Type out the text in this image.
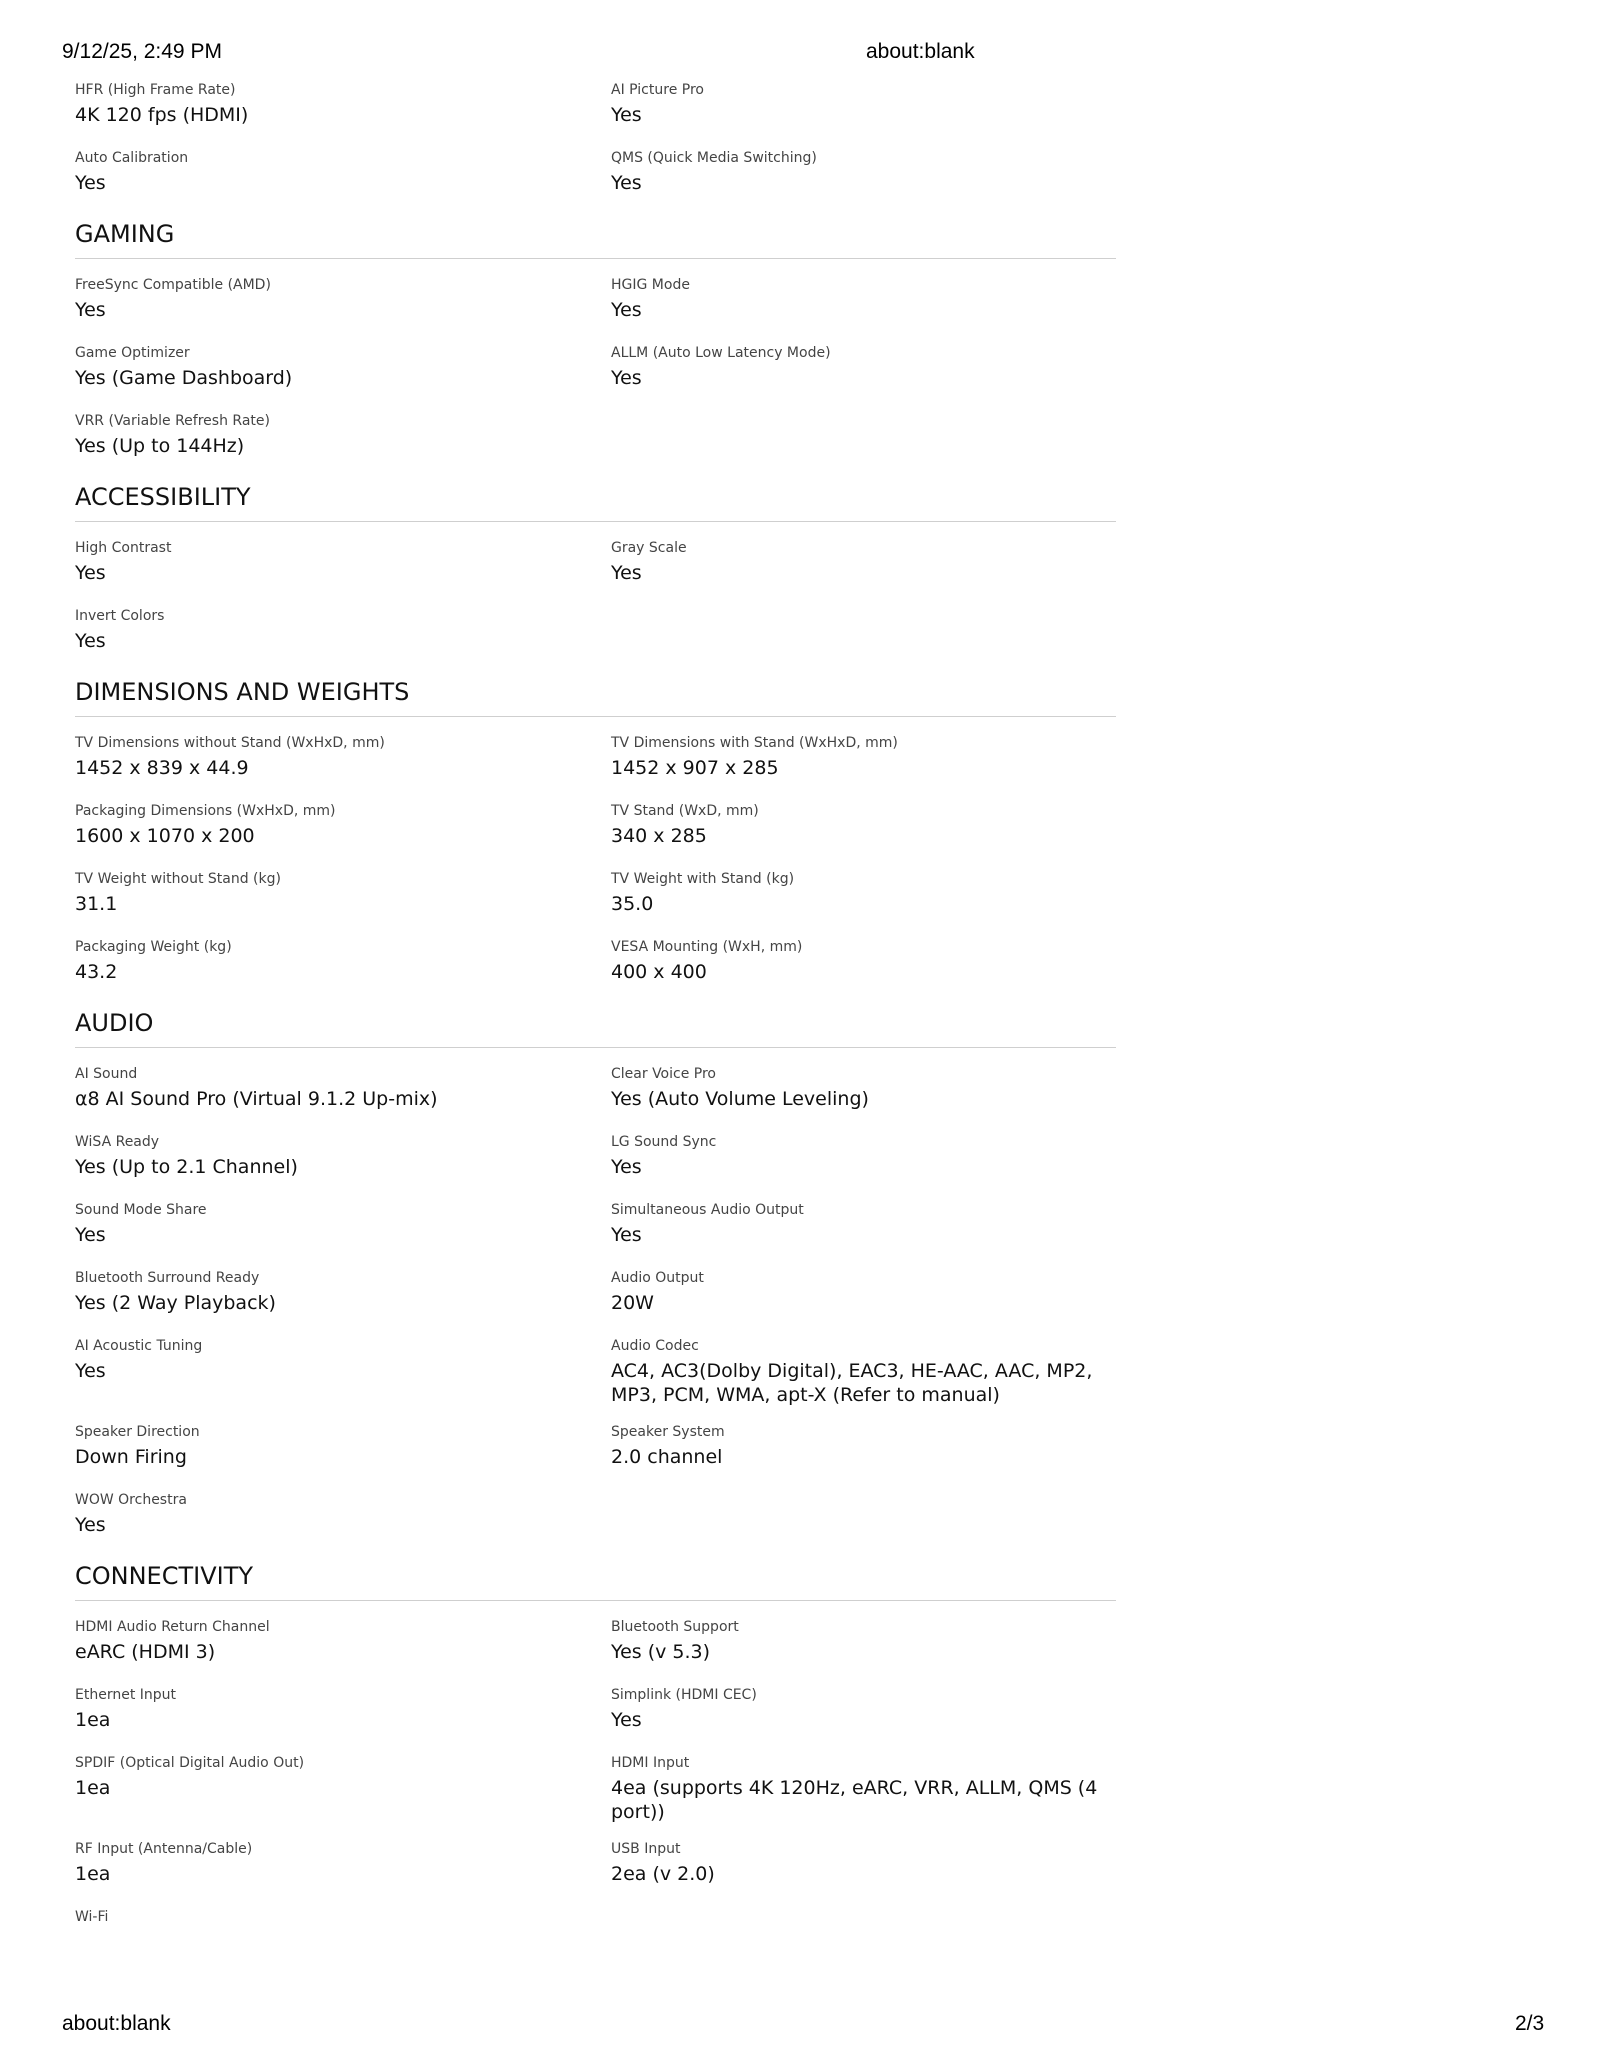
9/12/25, 2:49 PM	about:blank
HFR (High Frame Rate)
4K 120 fps (HDMI)
AI Picture Pro
Yes
Auto Calibration
Yes
QMS (Quick Media Switching)
Yes
GAMING
FreeSync Compatible (AMD)
Yes
HGIG Mode
Yes
Game Optimizer
Yes (Game Dashboard)
ALLM (Auto Low Latency Mode)
Yes
VRR (Variable Refresh Rate)
Yes (Up to 144Hz)
ACCESSIBILITY
High Contrast
Yes
Gray Scale
Yes
Invert Colors
Yes
DIMENSIONS AND WEIGHTS
TV Dimensions without Stand (WxHxD, mm)
1452 x 839 x 44.9
TV Dimensions with Stand (WxHxD, mm)
1452 x 907 x 285
Packaging Dimensions (WxHxD, mm)
1600 x 1070 x 200
TV Stand (WxD, mm)
340 x 285
TV Weight without Stand (kg)
31.1
TV Weight with Stand (kg)
35.0
Packaging Weight (kg)
43.2
VESA Mounting (WxH, mm)
400 x 400
AUDIO
AI Sound
α8 AI Sound Pro (Virtual 9.1.2 Up-mix)
Clear Voice Pro
Yes (Auto Volume Leveling)
WiSA Ready
Yes (Up to 2.1 Channel)
LG Sound Sync
Yes
Sound Mode Share
Yes
Simultaneous Audio Output
Yes
Bluetooth Surround Ready
Yes (2 Way Playback)
Audio Output
20W
AI Acoustic Tuning
Yes
Audio Codec
AC4, AC3(Dolby Digital), EAC3, HE-AAC, AAC, MP2, MP3, PCM, WMA, apt-X (Refer to manual)
Speaker Direction
Down Firing
Speaker System
2.0 channel
WOW Orchestra
Yes
CONNECTIVITY
HDMI Audio Return Channel
eARC (HDMI 3)
Bluetooth Support
Yes (v 5.3)
Ethernet Input
1ea
Simplink (HDMI CEC)
Yes
SPDIF (Optical Digital Audio Out)
1ea
HDMI Input
4ea (supports 4K 120Hz, eARC, VRR, ALLM, QMS (4 port))
RF Input (Antenna/Cable)
1ea
USB Input
2ea (v 2.0)
Wi-Fi
about:blank	2/3
